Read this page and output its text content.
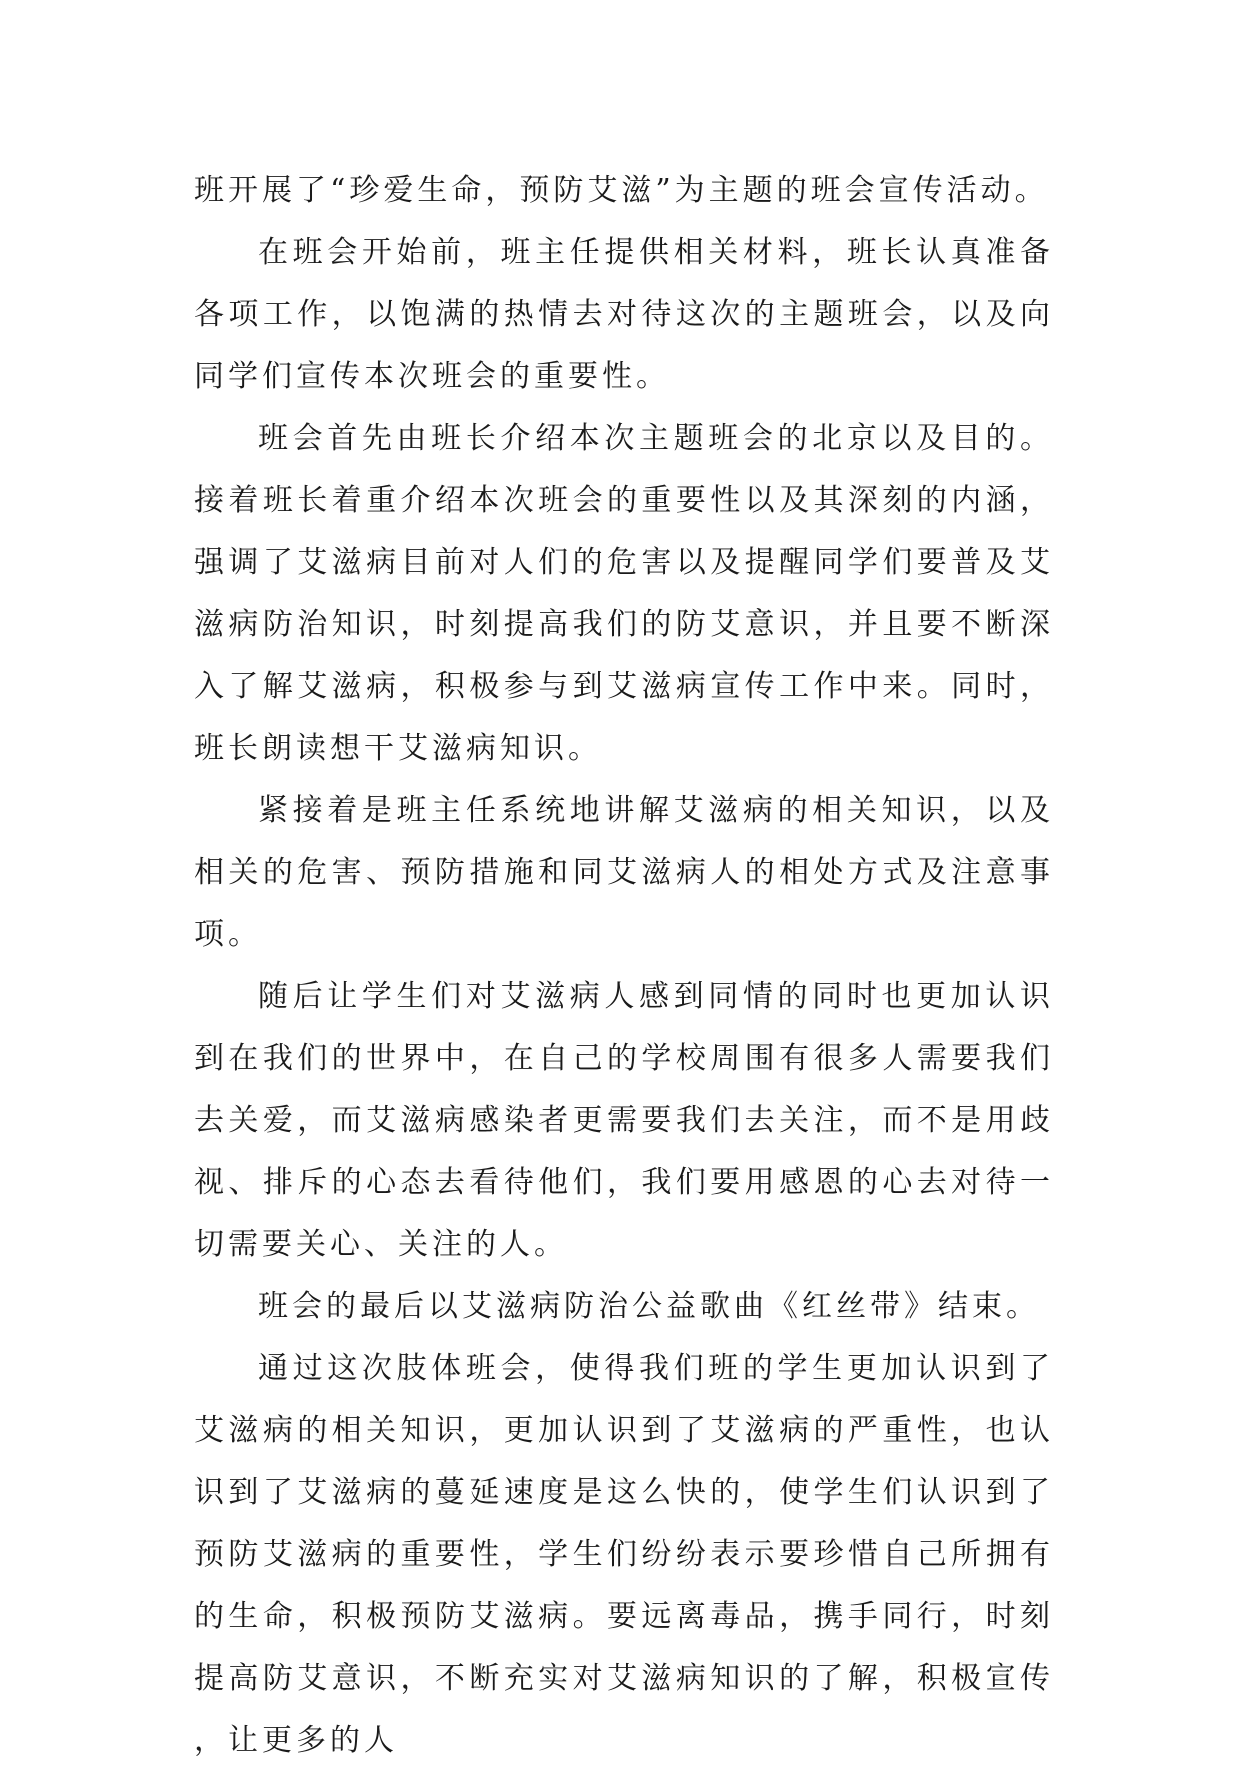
班开展了“珍爱生命，预防艾滋”为主题的班会宣传活动。

在班会开始前，班主任提供相关材料，班长认真准备各项工作，以饱满的热情去对待这次的主题班会，以及向同学们宣传本次班会的重要性。

班会首先由班长介绍本次主题班会的北京以及目的。接着班长着重介绍本次班会的重要性以及其深刻的内涵，强调了艾滋病目前对人们的危害以及提醒同学们要普及艾滋病防治知识，时刻提高我们的防艾意识，并且要不断深入了解艾滋病，积极参与到艾滋病宣传工作中来。同时，班长朗读想干艾滋病知识。

紧接着是班主任系统地讲解艾滋病的相关知识，以及相关的危害、预防措施和同艾滋病人的相处方式及注意事项。

随后让学生们对艾滋病人感到同情的同时也更加认识到在我们的世界中，在自己的学校周围有很多人需要我们去关爱，而艾滋病感染者更需要我们去关注，而不是用歧视、排斥的心态去看待他们，我们要用感恩的心去对待一切需要关心、关注的人。

班会的最后以艾滋病防治公益歌曲《红丝带》结束。

通过这次肢体班会，使得我们班的学生更加认识到了艾滋病的相关知识，更加认识到了艾滋病的严重性，也认识到了艾滋病的蔓延速度是这么快的，使学生们认识到了预防艾滋病的重要性，学生们纷纷表示要珍惜自己所拥有的生命，积极预防艾滋病。要远离毒品，携手同行，时刻提高防艾意识，不断充实对艾滋病知识的了解，积极宣传，让更多的人
